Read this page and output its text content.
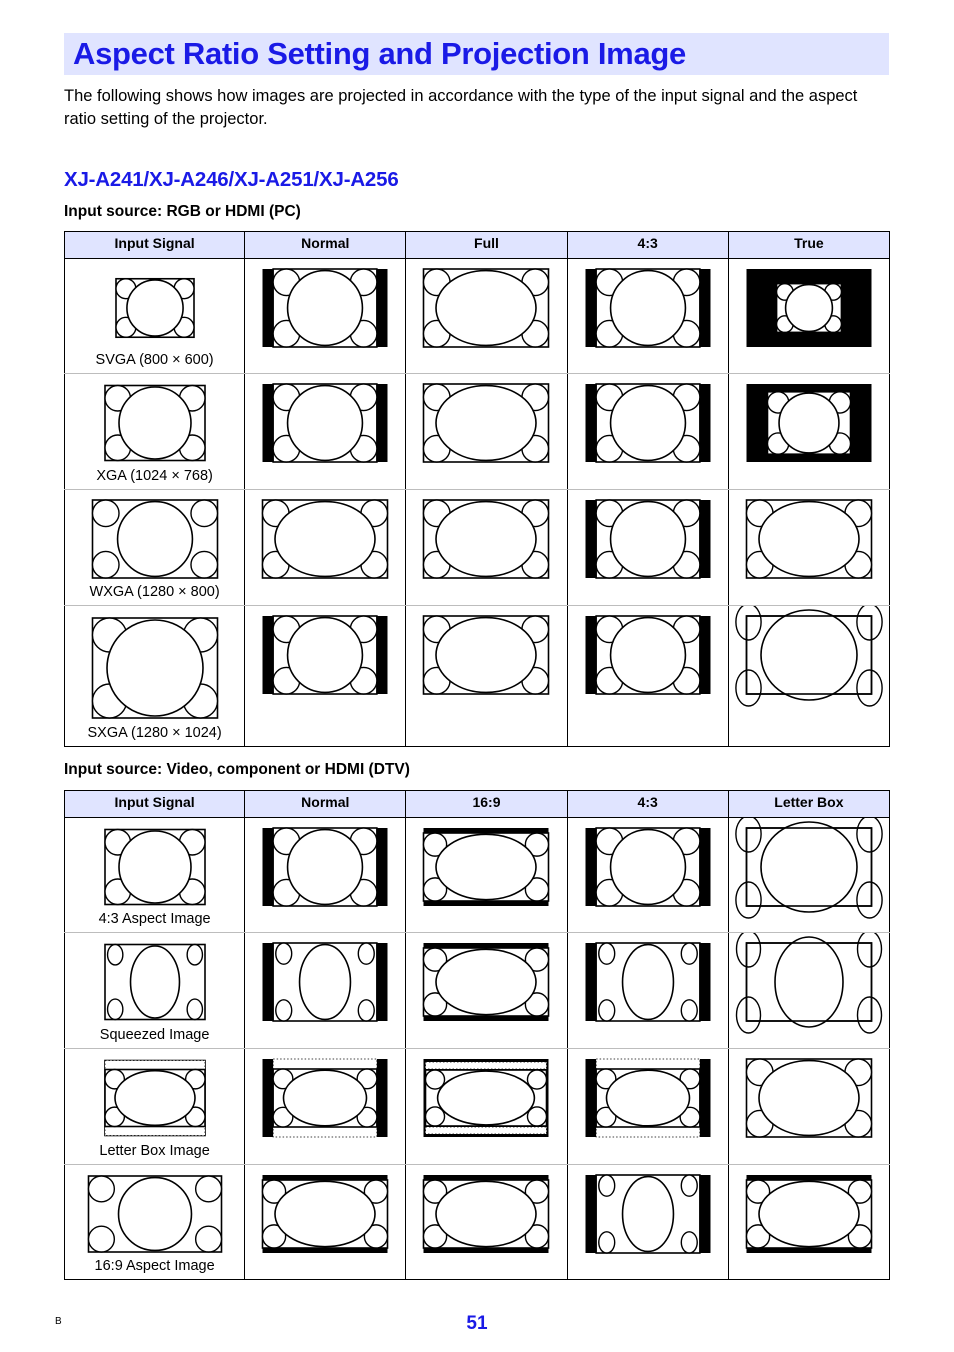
Aspect Ratio Setting and Projection Image

The following shows how images are projected in accordance with the type of the input signal and the aspect ratio setting of the projector.

XJ-A241/XJ-A246/XJ-A251/XJ-A256

Input source: RGB or HDMI (PC)

Input Signal	Normal	Full	4:3	True

SVGA (800 × 600)

XGA (1024 × 768)

WXGA (1280 × 800)

SXGA (1280 × 1024)

Input source: Video, component or HDMI (DTV)

Input Signal	Normal	16:9	4:3	Letter Box

4:3 Aspect Image

Squeezed Image

Letter Box Image

16:9 Aspect Image

B	51
